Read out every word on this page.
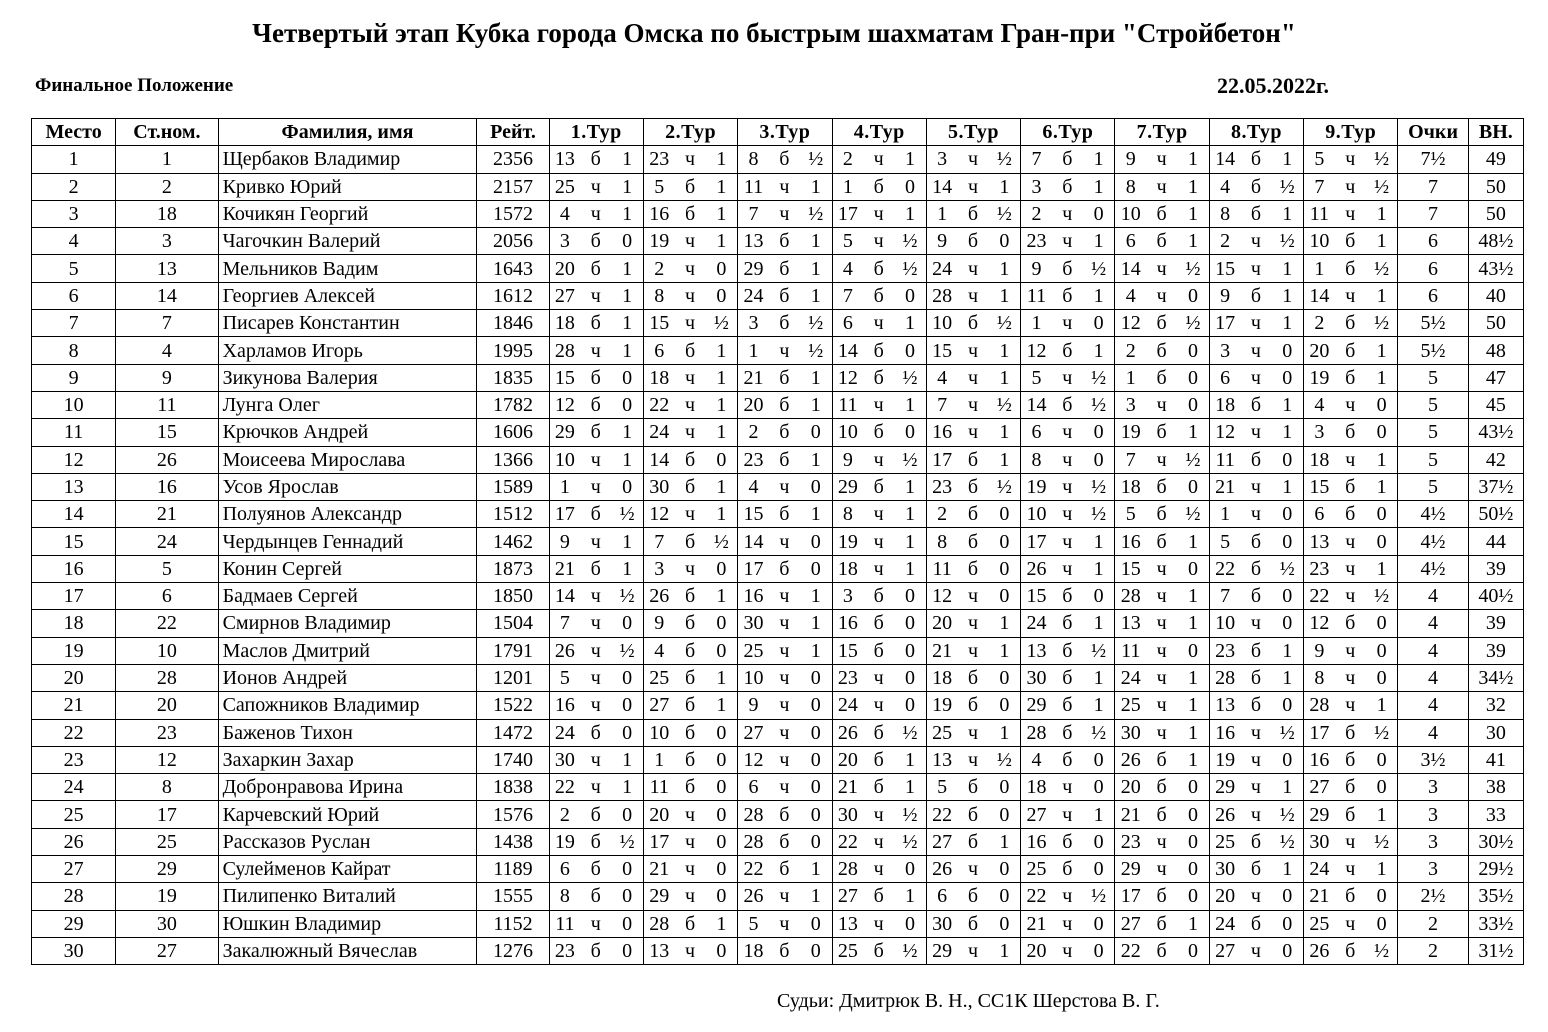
Четвертый этап Кубка города Омска по быстрым шахматам Гран-при "Стройбетон"
Финальное Положение	22.05.2022г.
Место	Ст.ном.	Фамилия, имя	Рейт.	1.Тур			2.Тур			3.Тур			4.Тур			5.Тур			6.Тур			7.Тур			8.Тур			9.Тур			Очки	ВН.
1	1	Щербаков Владимир	2356	13	б	1	23	ч	1	8	б	½	2	ч	1	3	ч	½	7	б	1	9	ч	1	14	б	1	5	ч	½	7½	49
2	2	Кривко Юрий	2157	25	ч	1	5	б	1	11	ч	1	1	б	0	14	ч	1	3	б	1	8	ч	1	4	б	½	7	ч	½	7	50
3	18	Кочикян Георгий	1572	4	ч	1	16	б	1	7	ч	½	17	ч	1	1	б	½	2	ч	0	10	б	1	8	б	1	11	ч	1	7	50
4	3	Чагочкин Валерий	2056	3	б	0	19	ч	1	13	б	1	5	ч	½	9	б	0	23	ч	1	6	б	1	2	ч	½	10	б	1	6	48½
5	13	Мельников Вадим	1643	20	б	1	2	ч	0	29	б	1	4	б	½	24	ч	1	9	б	½	14	ч	½	15	ч	1	1	б	½	6	43½
6	14	Георгиев Алексей	1612	27	ч	1	8	ч	0	24	б	1	7	б	0	28	ч	1	11	б	1	4	ч	0	9	б	1	14	ч	1	6	40
7	7	Писарев Константин	1846	18	б	1	15	ч	½	3	б	½	6	ч	1	10	б	½	1	ч	0	12	б	½	17	ч	1	2	б	½	5½	50
8	4	Харламов Игорь	1995	28	ч	1	6	б	1	1	ч	½	14	б	0	15	ч	1	12	б	1	2	б	0	3	ч	0	20	б	1	5½	48
9	9	Зикунова Валерия	1835	15	б	0	18	ч	1	21	б	1	12	б	½	4	ч	1	5	ч	½	1	б	0	6	ч	0	19	б	1	5	47
10	11	Лунга Олег	1782	12	б	0	22	ч	1	20	б	1	11	ч	1	7	ч	½	14	б	½	3	ч	0	18	б	1	4	ч	0	5	45
11	15	Крючков Андрей	1606	29	б	1	24	ч	1	2	б	0	10	б	0	16	ч	1	6	ч	0	19	б	1	12	ч	1	3	б	0	5	43½
12	26	Моисеева Мирослава	1366	10	ч	1	14	б	0	23	б	1	9	ч	½	17	б	1	8	ч	0	7	ч	½	11	б	0	18	ч	1	5	42
13	16	Усов Ярослав	1589	1	ч	0	30	б	1	4	ч	0	29	б	1	23	б	½	19	ч	½	18	б	0	21	ч	1	15	б	1	5	37½
14	21	Полуянов Александр	1512	17	б	½	12	ч	1	15	б	1	8	ч	1	2	б	0	10	ч	½	5	б	½	1	ч	0	6	б	0	4½	50½
15	24	Чердынцев Геннадий	1462	9	ч	1	7	б	½	14	ч	0	19	ч	1	8	б	0	17	ч	1	16	б	1	5	б	0	13	ч	0	4½	44
16	5	Конин Сергей	1873	21	б	1	3	ч	0	17	б	0	18	ч	1	11	б	0	26	ч	1	15	ч	0	22	б	½	23	ч	1	4½	39
17	6	Бадмаев Сергей	1850	14	ч	½	26	б	1	16	ч	1	3	б	0	12	ч	0	15	б	0	28	ч	1	7	б	0	22	ч	½	4	40½
18	22	Смирнов Владимир	1504	7	ч	0	9	б	0	30	ч	1	16	б	0	20	ч	1	24	б	1	13	ч	1	10	ч	0	12	б	0	4	39
19	10	Маслов Дмитрий	1791	26	ч	½	4	б	0	25	ч	1	15	б	0	21	ч	1	13	б	½	11	ч	0	23	б	1	9	ч	0	4	39
20	28	Ионов Андрей	1201	5	ч	0	25	б	1	10	ч	0	23	ч	0	18	б	0	30	б	1	24	ч	1	28	б	1	8	ч	0	4	34½
21	20	Сапожников Владимир	1522	16	ч	0	27	б	1	9	ч	0	24	ч	0	19	б	0	29	б	1	25	ч	1	13	б	0	28	ч	1	4	32
22	23	Баженов Тихон	1472	24	б	0	10	б	0	27	ч	0	26	б	½	25	ч	1	28	б	½	30	ч	1	16	ч	½	17	б	½	4	30
23	12	Захаркин Захар	1740	30	ч	1	1	б	0	12	ч	0	20	б	1	13	ч	½	4	б	0	26	б	1	19	ч	0	16	б	0	3½	41
24	8	Добронравова Ирина	1838	22	ч	1	11	б	0	6	ч	0	21	б	1	5	б	0	18	ч	0	20	б	0	29	ч	1	27	б	0	3	38
25	17	Карчевский Юрий	1576	2	б	0	20	ч	0	28	б	0	30	ч	½	22	б	0	27	ч	1	21	б	0	26	ч	½	29	б	1	3	33
26	25	Рассказов Руслан	1438	19	б	½	17	ч	0	28	б	0	22	ч	½	27	б	1	16	б	0	23	ч	0	25	б	½	30	ч	½	3	30½
27	29	Сулейменов Кайрат	1189	6	б	0	21	ч	0	22	б	1	28	ч	0	26	ч	0	25	б	0	29	ч	0	30	б	1	24	ч	1	3	29½
28	19	Пилипенко Виталий	1555	8	б	0	29	ч	0	26	ч	1	27	б	1	6	б	0	22	ч	½	17	б	0	20	ч	0	21	б	0	2½	35½
29	30	Юшкин Владимир	1152	11	ч	0	28	б	1	5	ч	0	13	ч	0	30	б	0	21	ч	0	27	б	1	24	б	0	25	ч	0	2	33½
30	27	Закалюжный Вячеслав	1276	23	б	0	13	ч	0	18	б	0	25	б	½	29	ч	1	20	ч	0	22	б	0	27	ч	0	26	б	½	2	31½
Судьи: Дмитрюк В. Н., СС1К Шерстова В. Г.
